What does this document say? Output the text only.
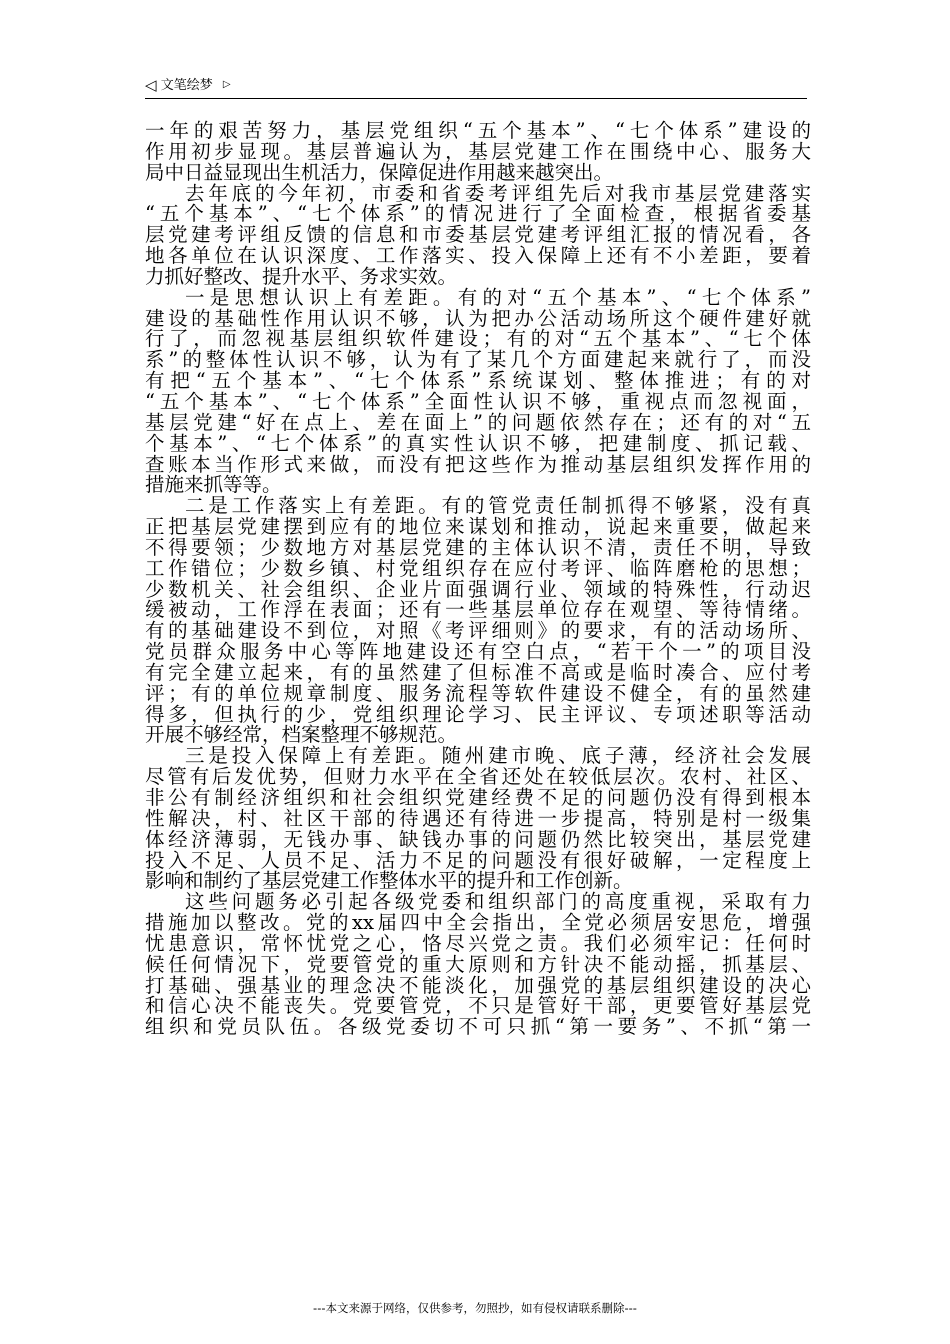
◁ 文笔绘梦 ▷
一年的艰苦努力，基层党组织“五个基本”、“七个体系”建设的
作用初步显现。基层普遍认为，基层党建工作在围绕中心、服务大
局中日益显现出生机活力，保障促进作用越来越突出。
去年底的今年初，市委和省委考评组先后对我市基层党建落实
“五个基本”、“七个体系”的情况进行了全面检查，根据省委基
层党建考评组反馈的信息和市委基层党建考评组汇报的情况看，各
地各单位在认识深度、工作落实、投入保障上还有不小差距，要着
力抓好整改、提升水平、务求实效。
一是思想认识上有差距。有的对“五个基本”、“七个体系”
建设的基础性作用认识不够，认为把办公活动场所这个硬件建好就
行了，而忽视基层组织软件建设；有的对“五个基本”、“七个体
系”的整体性认识不够，认为有了某几个方面建起来就行了，而没
有把“五个基本”、“七个体系”系统谋划、整体推进；有的对
“五个基本”、“七个体系”全面性认识不够，重视点而忽视面，
基层党建“好在点上、差在面上”的问题依然存在；还有的对“五
个基本”、“七个体系”的真实性认识不够，把建制度、抓记载、
查账本当作形式来做，而没有把这些作为推动基层组织发挥作用的
措施来抓等等。
二是工作落实上有差距。有的管党责任制抓得不够紧，没有真
正把基层党建摆到应有的地位来谋划和推动，说起来重要，做起来
不得要领；少数地方对基层党建的主体认识不清，责任不明，导致
工作错位；少数乡镇、村党组织存在应付考评、临阵磨枪的思想；
少数机关、社会组织、企业片面强调行业、领域的特殊性，行动迟
缓被动，工作浮在表面；还有一些基层单位存在观望、等待情绪。
有的基础建设不到位，对照《考评细则》的要求，有的活动场所、
党员群众服务中心等阵地建设还有空白点，“若干个一”的项目没
有完全建立起来，有的虽然建了但标准不高或是临时凑合、应付考
评；有的单位规章制度、服务流程等软件建设不健全，有的虽然建
得多，但执行的少，党组织理论学习、民主评议、专项述职等活动
开展不够经常，档案整理不够规范。
三是投入保障上有差距。随州建市晚、底子薄，经济社会发展
尽管有后发优势，但财力水平在全省还处在较低层次。农村、社区、
非公有制经济组织和社会组织党建经费不足的问题仍没有得到根本
性解决，村、社区干部的待遇还有待进一步提高，特别是村一级集
体经济薄弱，无钱办事、缺钱办事的问题仍然比较突出，基层党建
投入不足、人员不足、活力不足的问题没有很好破解，一定程度上
影响和制约了基层党建工作整体水平的提升和工作创新。
这些问题务必引起各级党委和组织部门的高度重视，采取有力
措施加以整改。党的xx届四中全会指出，全党必须居安思危，增强
忧患意识，常怀忧党之心，恪尽兴党之责。我们必须牢记：任何时
候任何情况下，党要管党的重大原则和方针决不能动摇，抓基层、
打基础、强基业的理念决不能淡化，加强党的基层组织建设的决心
和信心决不能丧失。党要管党，不只是管好干部，更要管好基层党
组织和党员队伍。各级党委切不可只抓“第一要务”、不抓“第一
---本文来源于网络，仅供参考，勿照抄，如有侵权请联系删除---
